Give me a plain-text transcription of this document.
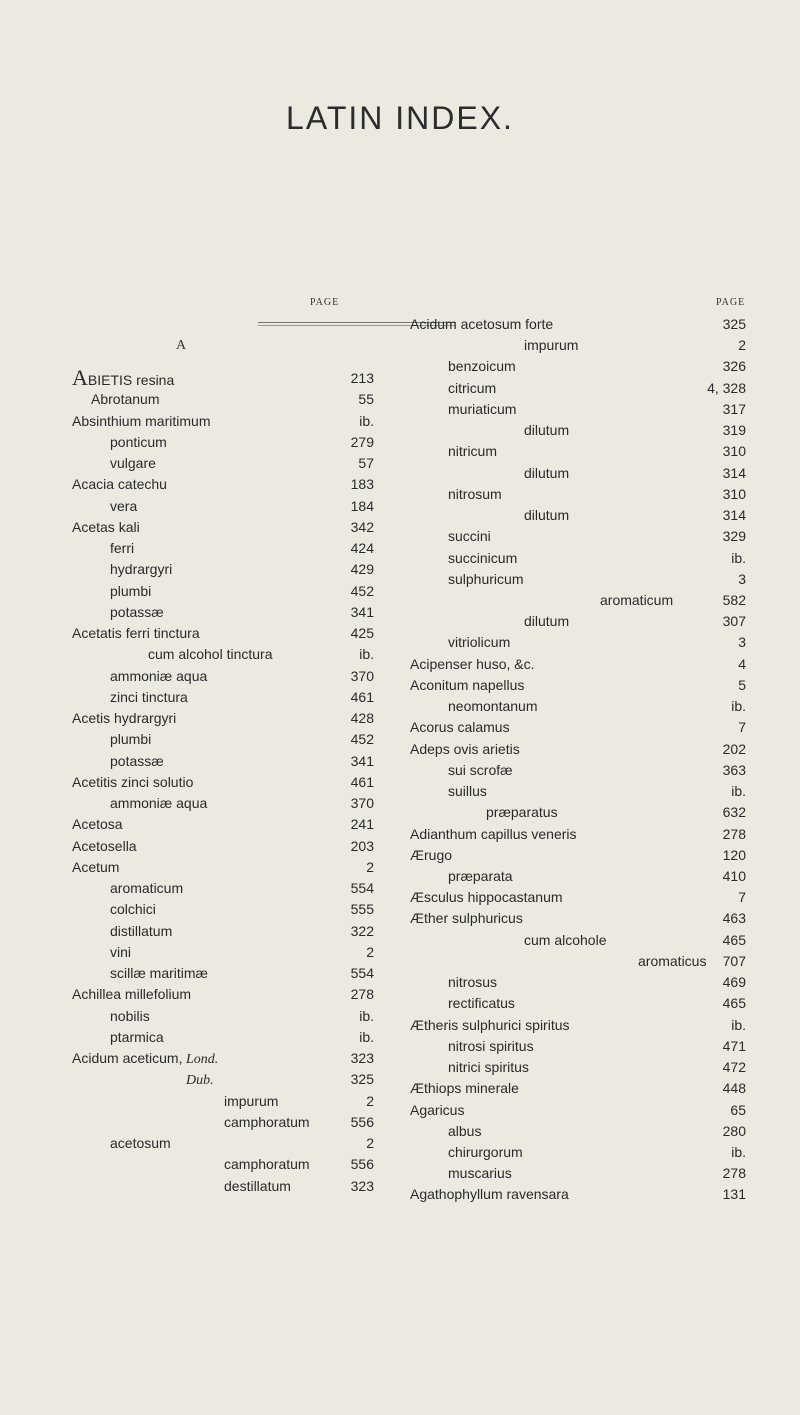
LATIN INDEX.
PAGE
A
ABIETIS resina	213
Abrotanum	55
Absinthium maritimum	ib.
ponticum	279
vulgare	57
Acacia catechu	183
vera	184
Acetas kali	342
ferri	424
hydrargyri	429
plumbi	452
potassæ	341
Acetatis ferri tinctura	425
cum alcohol tinctura	ib.
ammoniæ aqua	370
zinci tinctura	461
Acetis hydrargyri	428
plumbi	452
potassæ	341
Acetitis zinci solutio	461
ammoniæ aqua	370
Acetosa	241
Acetosella	203
Acetum	2
aromaticum	554
colchici	555
distillatum	322
vini	2
scillæ maritimæ	554
Achillea millefolium	278
nobilis	ib.
ptarmica	ib.
Acidum aceticum, Lond.	323
Dub.	325
impurum	2
camphoratum	556
acetosum	2
camphoratum	556
destillatum	323
PAGE
Acidum acetosum forte	325
impurum	2
benzoicum	326
citricum	4, 328
muriaticum	317
dilutum	319
nitricum	310
dilutum	314
nitrosum	310
dilutum	314
succini	329
succinicum	ib.
sulphuricum	3
aromaticum	582
dilutum	307
vitriolicum	3
Acipenser huso, &c.	4
Aconitum napellus	5
neomontanum	ib.
Acorus calamus	7
Adeps ovis arietis	202
sui scrofæ	363
suillus	ib.
præparatus	632
Adianthum capillus veneris	278
Ærugo	120
præparata	410
Æsculus hippocastanum	7
Æther sulphuricus	463
cum alcohole	465
aromaticus 707
nitrosus	469
rectificatus	465
Ætheris sulphurici spiritus	ib.
nitrosi spiritus	471
nitrici spiritus	472
Æthiops minerale	448
Agaricus	65
albus	280
chirurgorum	ib.
muscarius	278
Agathophyllum ravensara	131
